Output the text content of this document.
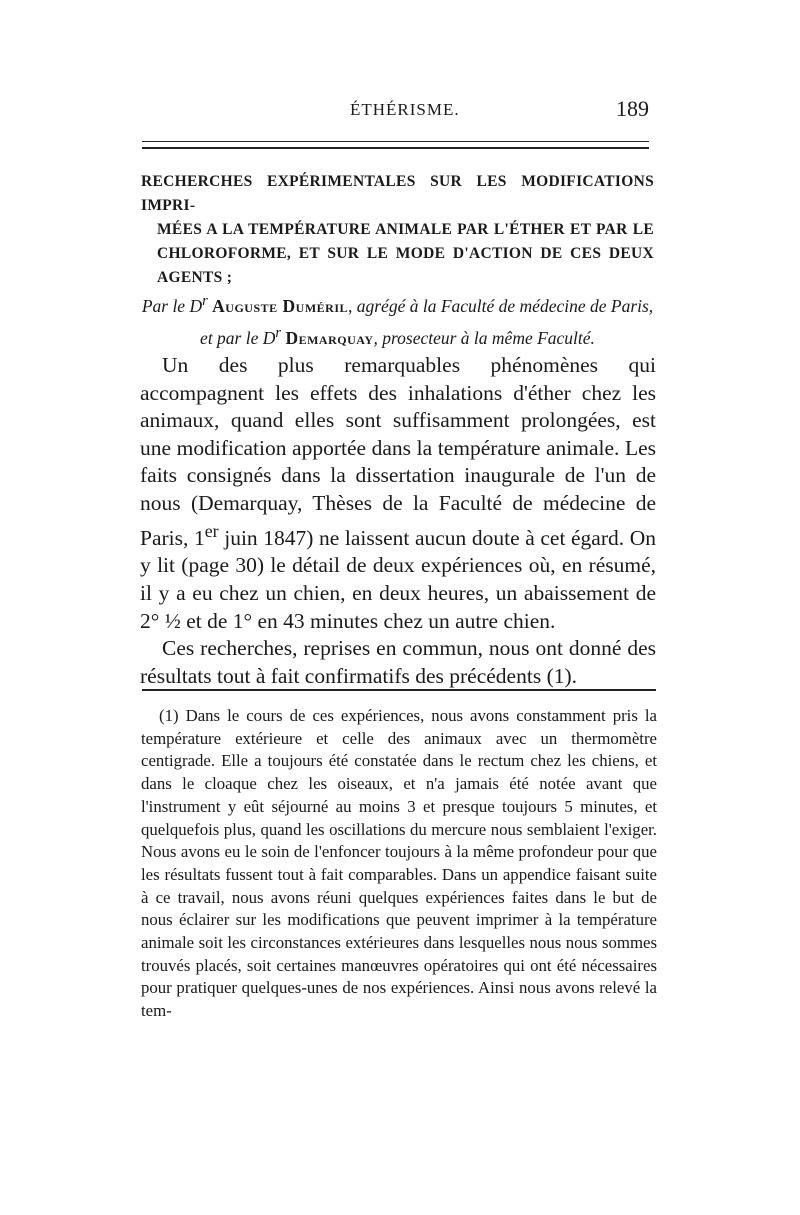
ÉTHÉRISME.	189
RECHERCHES EXPÉRIMENTALES SUR LES MODIFICATIONS IMPRI-
MÉES A LA TEMPÉRATURE ANIMALE PAR L'ÉTHER ET PAR LE CHLOROFORME, ET SUR LE MODE D'ACTION DE CES DEUX AGENTS ;
Par le $D^r$ Auguste Duméril, agrégé à la Faculté de médecine de Paris, et par le $D^r$ Demarquay, prosecteur à la même Faculté.

Un des plus remarquables phénomènes qui accompagnent les effets des inhalations d'éther chez les animaux, quand elles sont suffisamment prolongées, est une modification apportée dans la température animale. Les faits consignés dans la dissertation inaugurale de l'un de nous (Demarquay, Thèses de la Faculté de médecine de Paris, 1er juin 1847) ne laissent aucun doute à cet égard. On y lit (page 30) le détail de deux expériences où, en résumé, il y a eu chez un chien, en deux heures, un abaissement de 2° ½ et de 1° en 43 minutes chez un autre chien.

Ces recherches, reprises en commun, nous ont donné des résultats tout à fait confirmatifs des précédents (1).

(1) Dans le cours de ces expériences, nous avons constamment pris la température extérieure et celle des animaux avec un thermomètre centigrade. Elle a toujours été constatée dans le rectum chez les chiens, et dans le cloaque chez les oiseaux, et n'a jamais été notée avant que l'instrument y eût séjourné au moins 3 et presque toujours 5 minutes, et quelquefois plus, quand les oscillations du mercure nous semblaient l'exiger. Nous avons eu le soin de l'enfoncer toujours à la même profondeur pour que les résultats fussent tout à fait comparables. Dans un appendice faisant suite à ce travail, nous avons réuni quelques expériences faites dans le but de nous éclairer sur les modifications que peuvent imprimer à la température animale soit les circonstances extérieures dans lesquelles nous nous sommes trouvés placés, soit certaines manœuvres opératoires qui ont été nécessaires pour pratiquer quelques-unes de nos expériences. Ainsi nous avons relevé la tem-
